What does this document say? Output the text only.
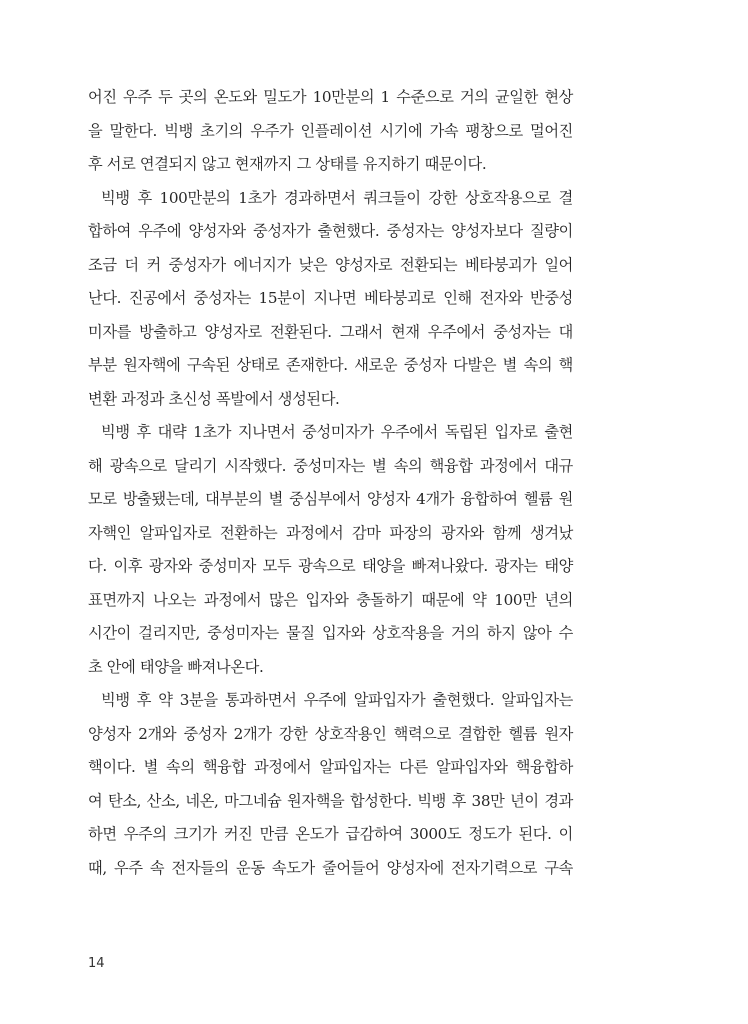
어진 우주 두 곳의 온도와 밀도가 10만분의 1 수준으로 거의 균일한 현상
을 말한다. 빅뱅 초기의 우주가 인플레이션 시기에 가속 팽창으로 멀어진
후 서로 연결되지 않고 현재까지 그 상태를 유지하기 때문이다.
빅뱅 후 100만분의 1초가 경과하면서 쿼크들이 강한 상호작용으로 결
합하여 우주에 양성자와 중성자가 출현했다. 중성자는 양성자보다 질량이
조금 더 커 중성자가 에너지가 낮은 양성자로 전환되는 베타붕괴가 일어
난다. 진공에서 중성자는 15분이 지나면 베타붕괴로 인해 전자와 반중성
미자를 방출하고 양성자로 전환된다. 그래서 현재 우주에서 중성자는 대
부분 원자핵에 구속된 상태로 존재한다. 새로운 중성자 다발은 별 속의 핵
변환 과정과 초신성 폭발에서 생성된다.
빅뱅 후 대략 1초가 지나면서 중성미자가 우주에서 독립된 입자로 출현
해 광속으로 달리기 시작했다. 중성미자는 별 속의 핵융합 과정에서 대규
모로 방출됐는데, 대부분의 별 중심부에서 양성자 4개가 융합하여 헬륨 원
자핵인 알파입자로 전환하는 과정에서 감마 파장의 광자와 함께 생겨났
다. 이후 광자와 중성미자 모두 광속으로 태양을 빠져나왔다. 광자는 태양
표면까지 나오는 과정에서 많은 입자와 충돌하기 때문에 약 100만 년의
시간이 걸리지만, 중성미자는 물질 입자와 상호작용을 거의 하지 않아 수
초 안에 태양을 빠져나온다.
빅뱅 후 약 3분을 통과하면서 우주에 알파입자가 출현했다. 알파입자는
양성자 2개와 중성자 2개가 강한 상호작용인 핵력으로 결합한 헬륨 원자
핵이다. 별 속의 핵융합 과정에서 알파입자는 다른 알파입자와 핵융합하
여 탄소, 산소, 네온, 마그네슘 원자핵을 합성한다. 빅뱅 후 38만 년이 경과
하면 우주의 크기가 커진 만큼 온도가 급감하여 3000도 정도가 된다. 이
때, 우주 속 전자들의 운동 속도가 줄어들어 양성자에 전자기력으로 구속
14
